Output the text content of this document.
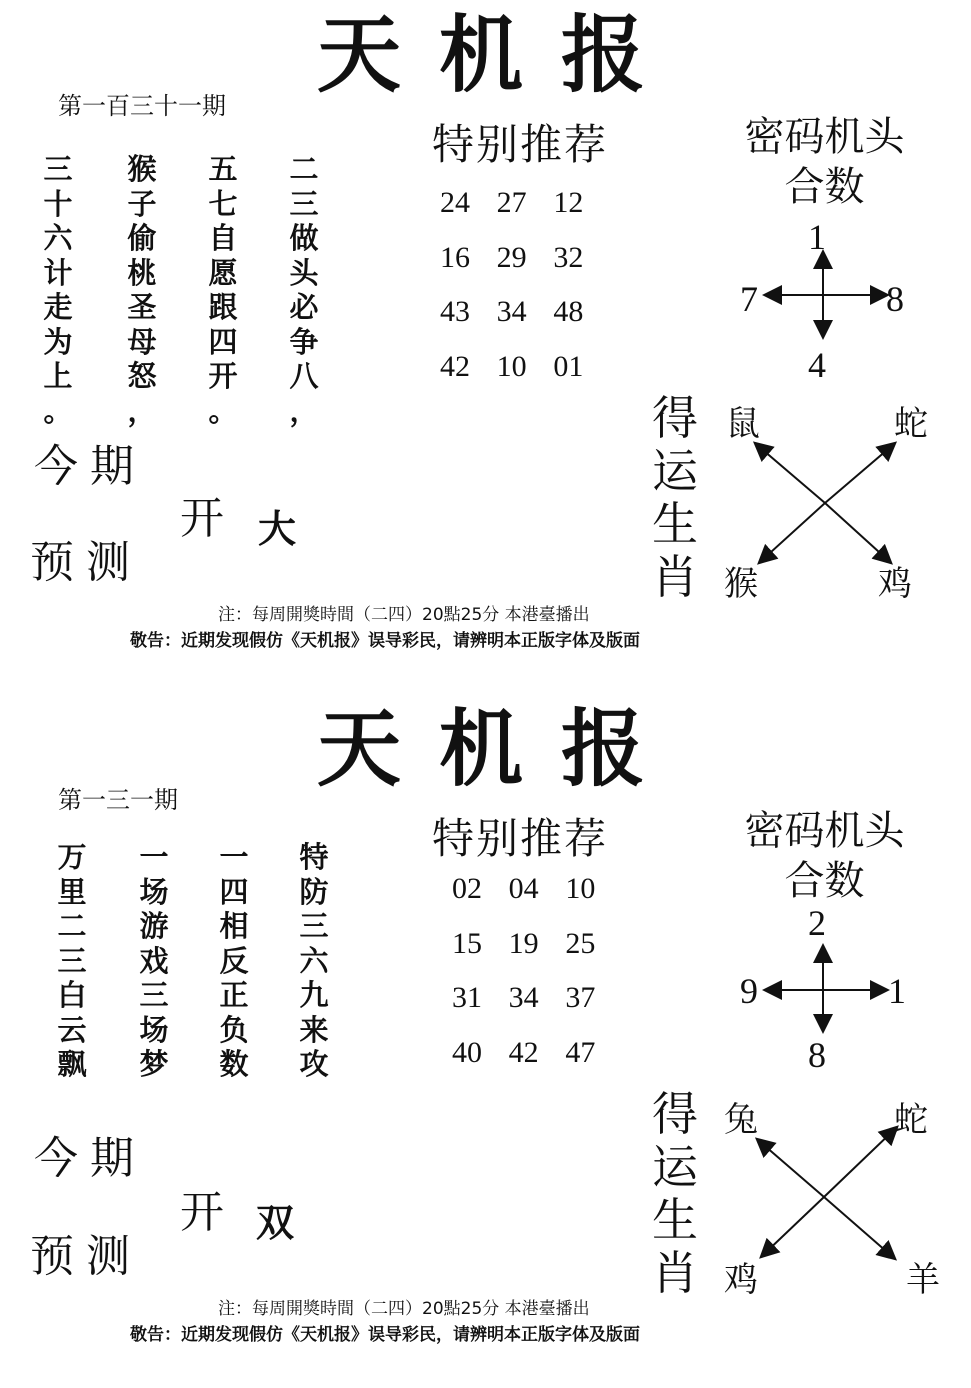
天机报
第一百三十一期
三
十
六
计
走
为
上
。
猴
子
偷
桃
圣
母
怒
，
五
七
自
愿
跟
四
开
。
二
三
做
头
必
争
八
，
今期
开 大
预测
特别推荐
24 27 12
16 29 32
43 34 48
42 10 01
密码机头
合数
1
7	8
4
得
运
生
肖
鼠	蛇
猴	鸡
注：每周開獎時間（二四）20點25分 本港臺播出
敬告：近期发现假仿《天机报》误导彩民，请辨明本正版字体及版面
天机报
第一三一期
万
里
二
三
白
云
飘
一
场
游
戏
三
场
梦
一
四
相
反
正
负
数
特
防
三
六
九
来
攻
今期
开 双
预测
特别推荐
02 04 10
15 19 25
31 34 37
40 42 47
密码机头
合数
2
9	1
8
得
运
生
肖
兔	蛇
鸡	羊
注：每周開獎時間（二四）20點25分 本港臺播出
敬告：近期发现假仿《天机报》误导彩民，请辨明本正版字体及版面
